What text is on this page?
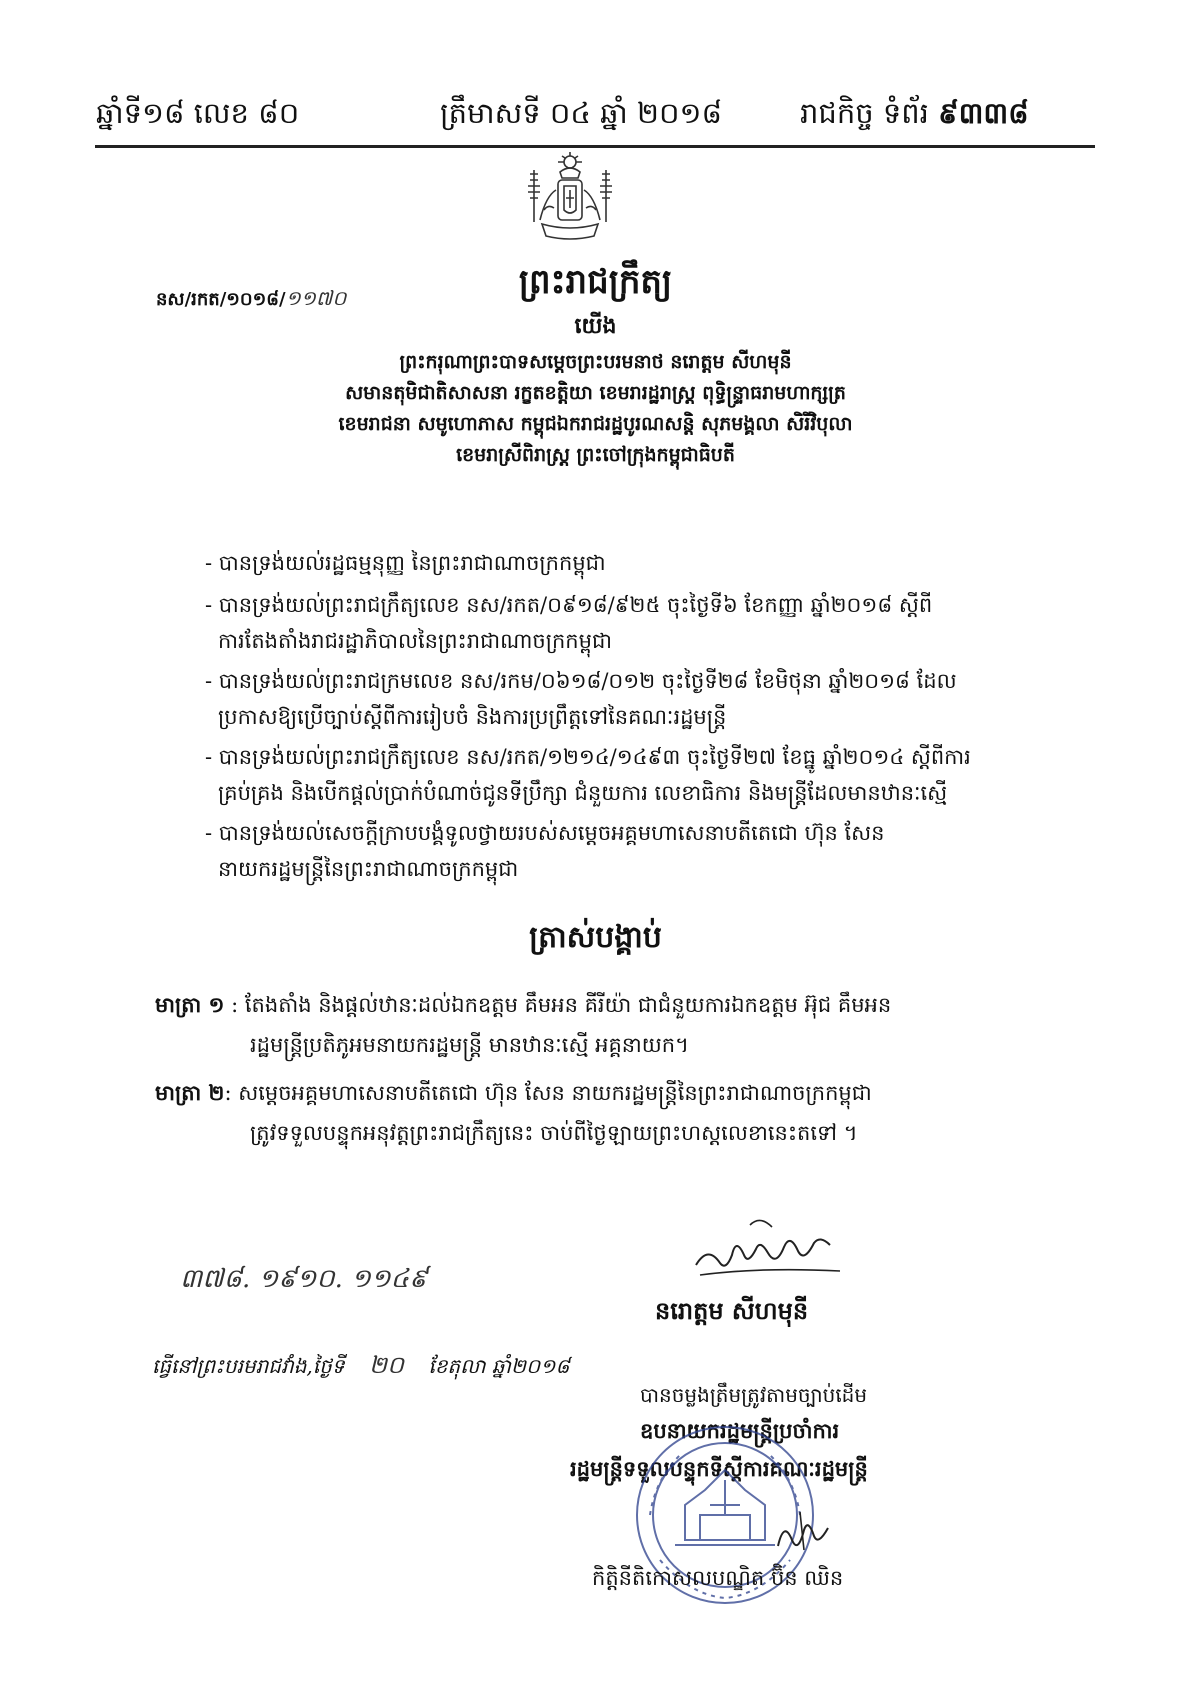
ឆ្នាំទី១៨ លេខ ៨០	ត្រឹមាសទី ០៤ ឆ្នាំ ២០១៨	រាជកិច្ច ទំព័រ ៩៣៣៨
នស/រកត/១០១៨/១១៧០	ព្រះរាជក្រឹត្យ
យើង
ព្រះករុណាព្រះបាទសម្តេចព្រះបរមនាថ នរោត្តម សីហមុនី
សមានតុមិជាតិសាសនា រក្ខតខត្តិយា ខេមរារដ្ឋរាស្ត្រ ពុទ្ធិន្ទ្រាធរាមហាក្សត្រ
ខេមរាជនា សមូហោភាស កម្ពុជឯករាជរដ្ឋបូរណសន្តិ សុភមង្គលា សិរីវិបុលា
ខេមរាស្រីពិរាស្ត្រ ព្រះចៅក្រុងកម្ពុជាធិបតី
- បានទ្រង់យល់រដ្ឋធម្មនុញ្ញ នៃព្រះរាជាណាចក្រកម្ពុជា
- បានទ្រង់យល់ព្រះរាជក្រឹត្យលេខ នស/រកត/០៩១៨/៩២៥ ចុះថ្ងៃទី៦ ខែកញ្ញា ឆ្នាំ២០១៨ ស្តីពី
ការតែងតាំងរាជរដ្ឋាភិបាលនៃព្រះរាជាណាចក្រកម្ពុជា
- បានទ្រង់យល់ព្រះរាជក្រមលេខ នស/រកម/០៦១៨/០១២ ចុះថ្ងៃទី២៨ ខែមិថុនា ឆ្នាំ២០១៨ ដែល
ប្រកាសឱ្យប្រើច្បាប់ស្តីពីការរៀបចំ និងការប្រព្រឹត្តទៅនៃគណៈរដ្ឋមន្ត្រី
- បានទ្រង់យល់ព្រះរាជក្រឹត្យលេខ នស/រកត/១២១៤/១៤៩៣ ចុះថ្ងៃទី២៧ ខែធ្នូ ឆ្នាំ២០១៤ ស្តីពីការ
គ្រប់គ្រង និងបើកផ្តល់ប្រាក់បំណាច់ជូនទីប្រឹក្សា ជំនួយការ លេខាធិការ និងមន្ត្រីដែលមានឋានៈស្មើ
- បានទ្រង់យល់សេចក្តីក្រាបបង្គំទូលថ្វាយរបស់សម្តេចអគ្គមហាសេនាបតីតេជោ ហ៊ុន សែន
នាយករដ្ឋមន្ត្រីនៃព្រះរាជាណាចក្រកម្ពុជា
ត្រាស់បង្គាប់
មាត្រា ១ : តែងតាំង និងផ្តល់ឋានៈដល់ឯកឧត្តម គឹមអន គីរីយ៉ា ជាជំនួយការឯកឧត្តម អ៊ុជ គឹមអន
រដ្ឋមន្ត្រីប្រតិភូអមនាយករដ្ឋមន្ត្រី មានឋានៈស្មើ អគ្គនាយក។
មាត្រា ២: សម្តេចអគ្គមហាសេនាបតីតេជោ ហ៊ុន សែន នាយករដ្ឋមន្ត្រីនៃព្រះរាជាណាចក្រកម្ពុជា
ត្រូវទទួលបន្ទុកអនុវត្តព្រះរាជក្រឹត្យនេះ ចាប់ពីថ្ងៃឡាយព្រះហស្តលេខានេះតទៅ ។
៣៧៨. ១៩១០. ១១៤៩
នរោត្តម សីហមុនី
ធ្វើនៅព្រះបរមរាជវាំង,ថ្ងៃទី ២០ ខែតុលា ឆ្នាំ២០១៨
បានចម្លងត្រឹមត្រូវតាមច្បាប់ដើម
ឧបនាយករដ្ឋមន្ត្រីប្រចាំការ
រដ្ឋមន្ត្រីទទួលបន្ទុកទីស្តីការគណៈរដ្ឋមន្ត្រី
កិត្តិនីតិកោសលបណ្ឌិត ប៊ិន ឈិន
